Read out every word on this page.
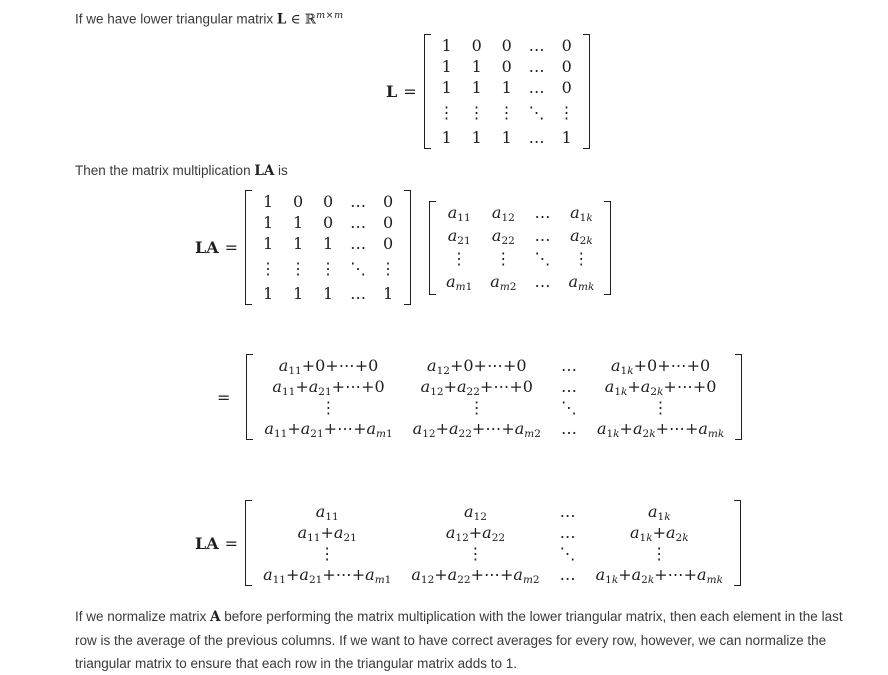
If we have lower triangular matrix L ∈ ℝ$^{m\times m}$

L =
1	0	0	…	0
1	1	0	…	0
1	1	1	…	0
⋮	⋮	⋮	⋱	⋮
1	1	1	…	1

Then the matrix multiplication LA is

LA =
1	0	0	…	0
1	1	0	…	0
1	1	1	…	0
⋮	⋮	⋮	⋱	⋮
1	1	1	…	1
$a_{11}$	$a_{12}$	…	$a_{1k}$
$a_{21}$	$a_{22}$	…	$a_{2k}$
⋮	⋮	⋱	⋮
$a_{m1}$	$a_{m2}$	…	$a_{mk}$
=
$a_{11}+0+\cdots+0$	$a_{12}+0+\cdots+0$	…	$a_{1k}+0+\cdots+0$
$a_{11}+a_{21}+\cdots+0$	$a_{12}+a_{22}+\cdots+0$	…	$a_{1k}+a_{2k}+\cdots+0$
⋮	⋮	⋱	⋮
$a_{11}+a_{21}+\cdots+a_{m1}$	$a_{12}+a_{22}+\cdots+a_{m2}$	…	$a_{1k}+a_{2k}+\cdots+a_{mk}$
LA =
$a_{11}$	$a_{12}$	…	$a_{1k}$
$a_{11}+a_{21}$	$a_{12}+a_{22}$	…	$a_{1k}+a_{2k}$
⋮	⋮	⋱	⋮
$a_{11}+a_{21}+\cdots+a_{m1}$	$a_{12}+a_{22}+\cdots+a_{m2}$	…	$a_{1k}+a_{2k}+\cdots+a_{mk}$

If we normalize matrix A before performing the matrix multiplication with the lower triangular matrix, then each element in the last row is the average of the previous columns. If we want to have correct averages for every row, however, we can normalize the triangular matrix to ensure that each row in the triangular matrix adds to 1.
